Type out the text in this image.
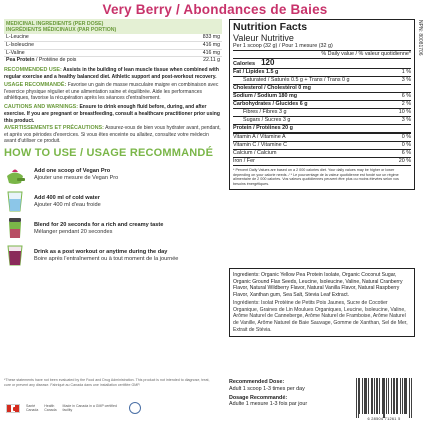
Very Berry / Abondances de Baies
MEDICINAL INGREDIENTS (PER DOSE)
INGRÉDIENTS MÉDICINAUX (PAR PORTION)
L-Leucine	833 mg
L-Isoleucine	416 mg
L-Valine	416 mg
Pea Protein / Protéine de pois	22.11 g
RECOMMENDED USE: Assists in the building of lean muscle tissue when combined with regular exercise and a healthy balanced diet. Athletic support and post-workout recovery.
USAGE RECOMMANDÉ: Favorise un gain de masse musculaire maigre en combinaison avec l'exercice physique régulier et une alimentation saine et équilibrée. Aide les performances athlétiques, favorise la récupération après les séances d'entraînement.
CAUTIONS AND WARNINGS: Ensure to drink enough fluid before, during, and after exercise. If you are pregnant or breastfeeding, consult a healthcare practitioner prior using this product.
AVERTISSEMENTS ET PRÉCAUTIONS: Assurez-vous de bien vous hydrater avant, pendant, et après vos périodes d'exercices. Si vous êtes enceinte ou allaitez, consultez votre médecin avant d'utiliser ce produit.
HOW TO USE / USAGE RECOMMANDÉ
Add one scoop of Vegan Pro
Ajouter une mesure de Vegan Pro
Add 400 ml of cold water
Ajouter 400 ml d'eau froide
Blend for 20 seconds for a rich and creamy taste
Mélanger pendant 20 secondes
Drink as a post workout or anytime during the day
Boire après l'entraînement ou à tout moment de la journée
*These statements have not been evaluated by the Food and Drug Administration. This product is not intended to diagnose, treat, cure or prevent any disease. Fabriqué au Canada dans une installation certifiée GMP.
Santé
Canada
Health
Canada
Made in Canada in a GMP certified facility
NPN: 80081706
Nutrition Facts
Valeur Nutritive
Per 1 scoop (32 g) / Pour 1 mesure (32 g)
% Daily value / % valeur quotidienne*
Calories 120
Fat / Lipides 1.5 g	1 %
Saturated / Saturés 0.5 g + Trans / Trans 0 g	3 %
Cholesterol / Cholestérol 0 mg
Sodium / Sodium 180 mg	6 %
Carbohydrates / Glucides 6 g	2 %
Fibres / Fibres 3 g	10 %
Sugars / Sucres 3 g	3 %
Protein / Protéines 20 g
Vitamin A / Vitamine A	0 %
Vitamin C / Vitamine C	0 %
Calcium / Calcium	6 %
Iron / Fer	20 %
* Percent Daily Values are based on a 2 000 calories diet. Your daily values may be higher or lower depending on your calorie needs. / * Le pourcentage de la valeur quotidienne est fondé sur un régime alimentaire de 2 000 calories. Vos valeurs quotidiennes peuvent être plus ou moins élevées selon vos besoins énergétiques.

Ingredients: Organic Yellow Pea Protein Isolate, Organic Coconut Sugar, Organic Ground Flax Seeds, Leucine, Isoleucine, Valine, Natural Cranberry Flavor, Natural Wildberry Flavor, Natural Vanilla Flavor, Natural Raspberry Flavor, Xanthan gum, Sea Salt, Stevia Leaf Extract.

Ingrédients: Isolat Protéine de Petits Pois Jaunes, Sucre de Cocotier Organique, Graines de Lin Moulues Organiques, Leucine, Isoleucine, Valine, Arôme Naturel de Canneberge, Arôme Naturel de Framboise, Arôme Naturel de Vanille, Arôme Naturel de Baie Sauvage, Gomme de Xanthan, Sel de Mer, Extrait de Stévia.

Recommended Dose:
Adult 1 scoop 1-3 times per day
Dosage Recommandé:
Adulte 1 mesure 1-3 fois par jour
6 28504 71261 5
